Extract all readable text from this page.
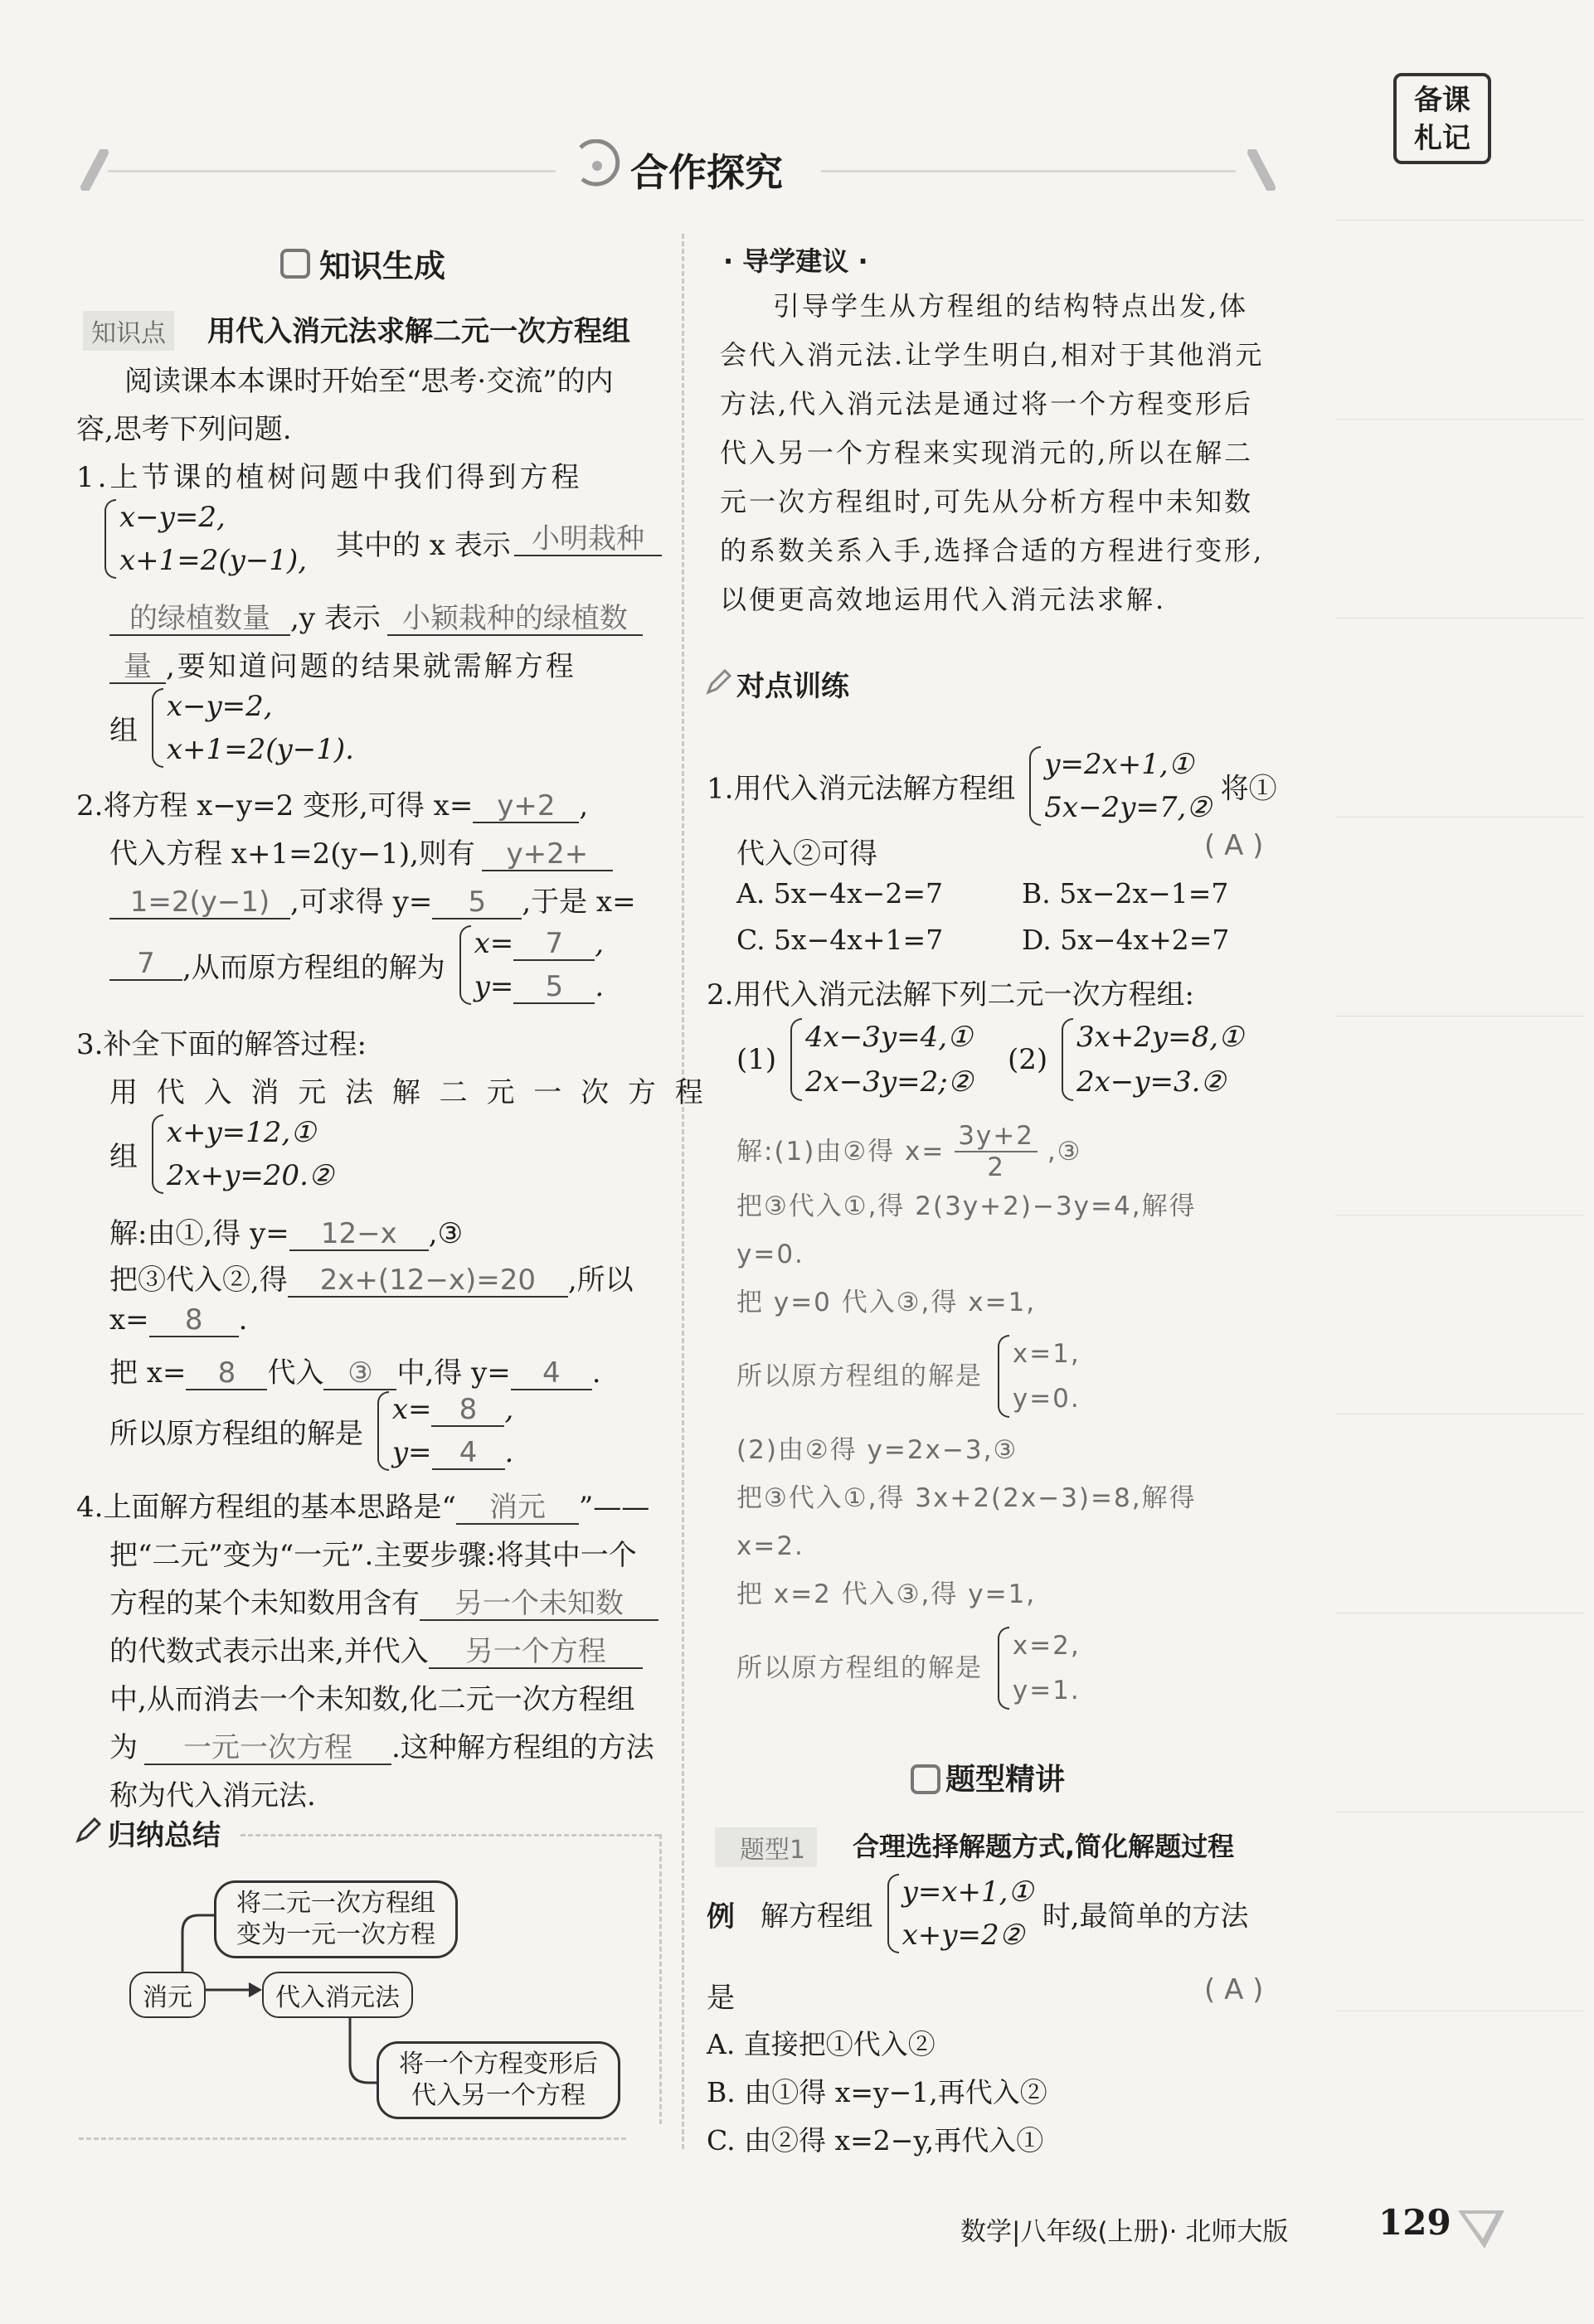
备课
札记
合作探究
知识生成
知识点 用代入消元法求解二元一次方程组
阅读课本本课时开始至“思考·交流”的内
容,思考下列问题.
1.上节课的植树问题中我们得到方程
x−y=2,
x+1=2(y−1), 其中的 x 表示 小明栽种
的绿植数量 ,y 表示 小颖栽种的绿植数
量 ,要知道问题的结果就需解方程
组
x−y=2,
x+1=2(y−1).
2.将方程 x−y=2 变形,可得 x= y+2 ,
代入方程 x+1=2(y−1),则有 y+2+
1=2(y−1) ,可求得 y= 5 ,于是 x=
7 ,从而原方程组的解为
x= 7 ,
y= 5 .
3.补全下面的解答过程:
用 代 入 消 元 法 解 二 元 一 次 方 程
组
x+y=12,①
2x+y=20.②
解:由①,得 y= 12−x ,③
把③代入②,得 2x+(12−x)=20 ,所以
x= 8 .
把 x= 8 代入 ③ 中,得 y= 4 .
所以原方程组的解是
x= 8 ,
y= 4 .
4.上面解方程组的基本思路是“ 消元 ”——
把“二元”变为“一元”.主要步骤:将其中一个
方程的某个未知数用含有 另一个未知数
的代数式表示出来,并代入 另一个方程
中,从而消去一个未知数,化二元一次方程组
为 一元一次方程 .这种解方程组的方法
称为代入消元法.
归纳总结
将二元一次方程组
变为一元一次方程
消元	代入消元法
将一个方程变形后
代入另一个方程
· 导学建议 ·
引导学生从方程组的结构特点出发,体
会代入消元法.让学生明白,相对于其他消元
方法,代入消元法是通过将一个方程变形后
代入另一个方程来实现消元的,所以在解二
元一次方程组时,可先从分析方程中未知数
的系数关系入手,选择合适的方程进行变形,
以便更高效地运用代入消元法求解.
对点训练
1.用代入消元法解方程组
y=2x+1,①
5x−2y=7,②
将①
代入②可得	( A )
A. 5x−4x−2=7	B. 5x−2x−1=7
C. 5x−4x+1=7	D. 5x−4x+2=7
2.用代入消元法解下列二元一次方程组:
(1)
4x−3y=4,①
2x−3y=2;②
(2)
3x+2y=8,①
2x−y=3.②
解:(1)由②得 $x= \frac{3y+2}{2}$ ,③
把③代入①,得 2(3y+2)−3y=4,解得
y=0.
把 y=0 代入③,得 x=1,
所以原方程组的解是
x=1,
y=0.
(2)由②得 y=2x−3,③
把③代入①,得 3x+2(2x−3)=8,解得
x=2.
把 x=2 代入③,得 y=1,
所以原方程组的解是
x=2,
y=1.
题型精讲
题型1	合理选择解题方式,简化解题过程
例 解方程组
y=x+1,①
x+y=2②
时,最简单的方法
是	( A )
A. 直接把①代入②
B. 由①得 x=y−1,再代入②
C. 由②得 x=2−y,再代入①
数学|八年级(上册)· 北师大版	129
